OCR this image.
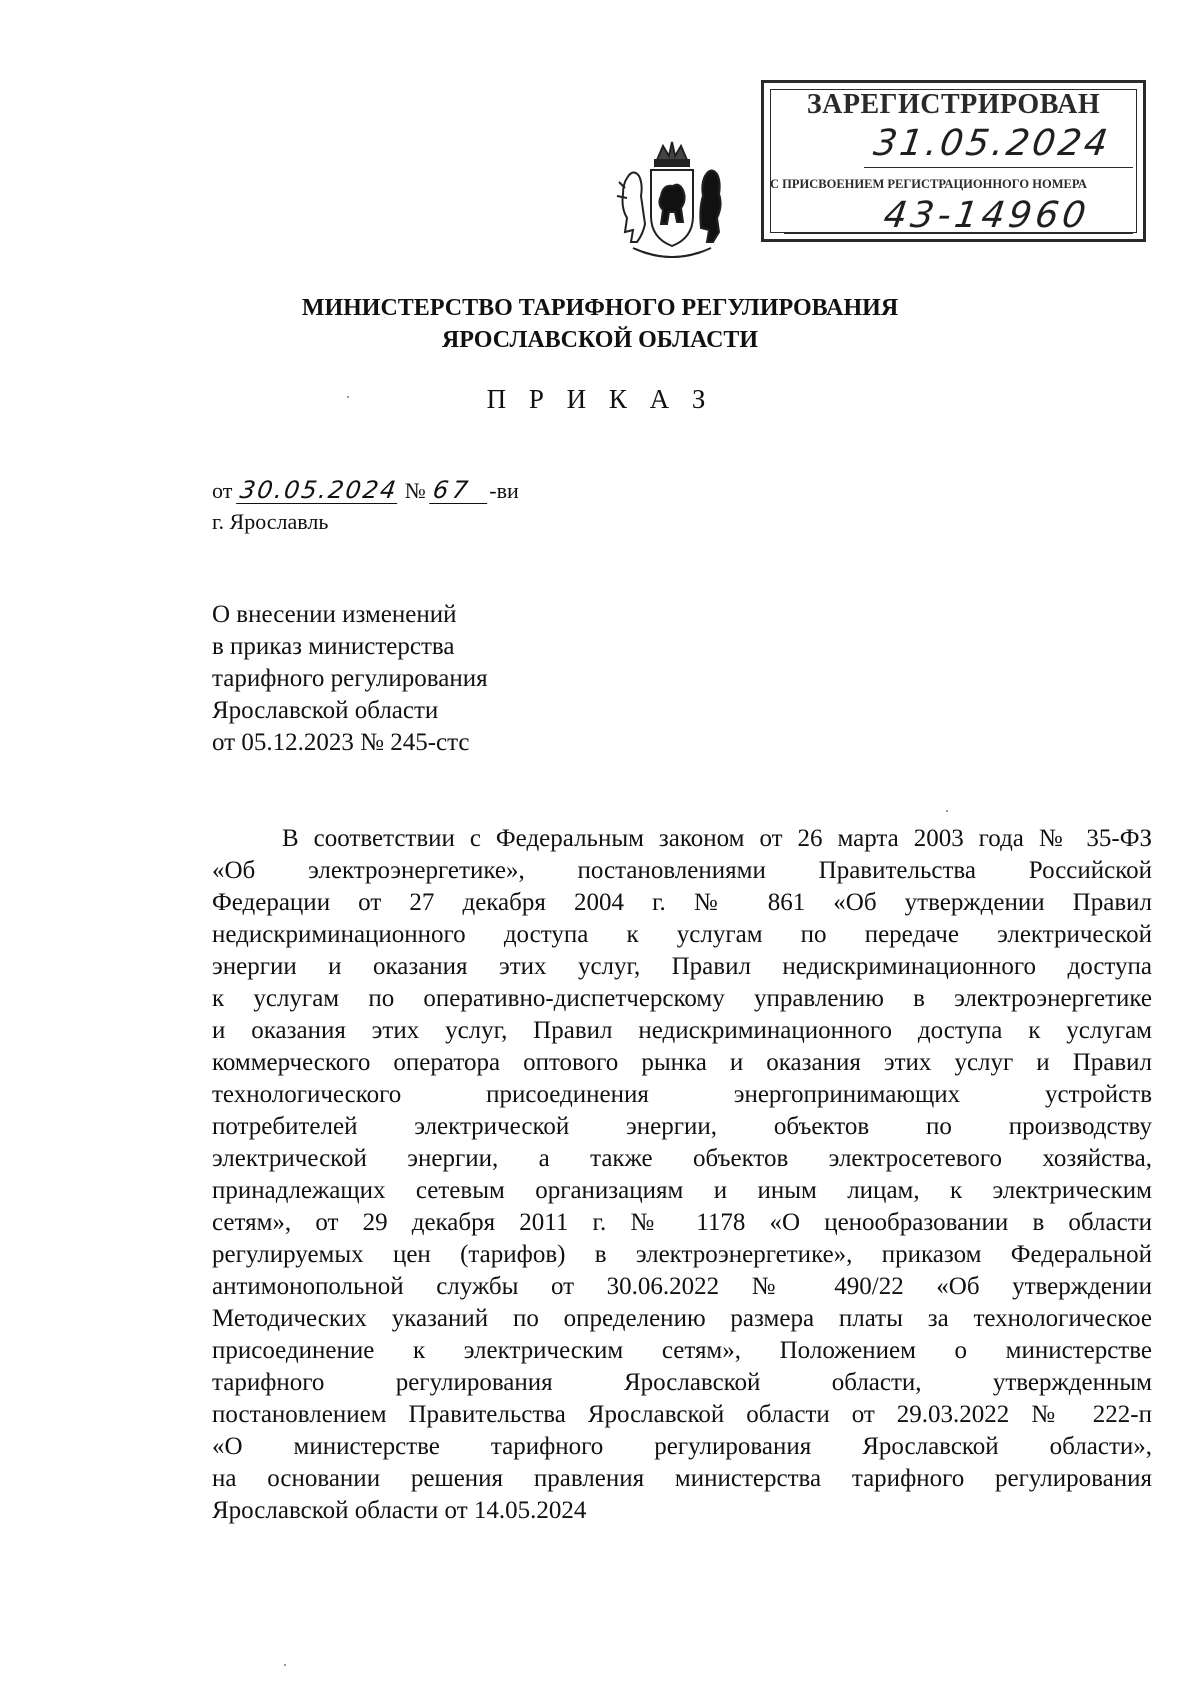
ЗАРЕГИСТРИРОВАН
31.05.2024
С ПРИСВОЕНИЕМ РЕГИСТРАЦИОННОГО НОМЕРА
43-14960
МИНИСТЕРСТВО ТАРИФНОГО РЕГУЛИРОВАНИЯ
ЯРОСЛАВСКОЙ ОБЛАСТИ
П Р И К А З
от 30.05.2024 № 67 -ви
г. Ярославль
О внесении изменений
в приказ министерства
тарифного регулирования
Ярославской области
от 05.12.2023 № 245-стс
В соответствии с Федеральным законом от 26 марта 2003 года № 35-ФЗ
«Об электроэнергетике», постановлениями Правительства Российской
Федерации от 27 декабря 2004 г. № 861 «Об утверждении Правил
недискриминационного доступа к услугам по передаче электрической
энергии и оказания этих услуг, Правил недискриминационного доступа
к услугам по оперативно-диспетчерскому управлению в электроэнергетике
и оказания этих услуг, Правил недискриминационного доступа к услугам
коммерческого оператора оптового рынка и оказания этих услуг и Правил
технологического присоединения энергопринимающих устройств
потребителей электрической энергии, объектов по производству
электрической энергии, а также объектов электросетевого хозяйства,
принадлежащих сетевым организациям и иным лицам, к электрическим
сетям», от 29 декабря 2011 г. № 1178 «О ценообразовании в области
регулируемых цен (тарифов) в электроэнергетике», приказом Федеральной
антимонопольной службы от 30.06.2022 № 490/22 «Об утверждении
Методических указаний по определению размера платы за технологическое
присоединение к электрическим сетям», Положением о министерстве
тарифного регулирования Ярославской области, утвержденным
постановлением Правительства Ярославской области от 29.03.2022 № 222-п
«О министерстве тарифного регулирования Ярославской области»,
на основании решения правления министерства тарифного регулирования
Ярославской области от 14.05.2024
